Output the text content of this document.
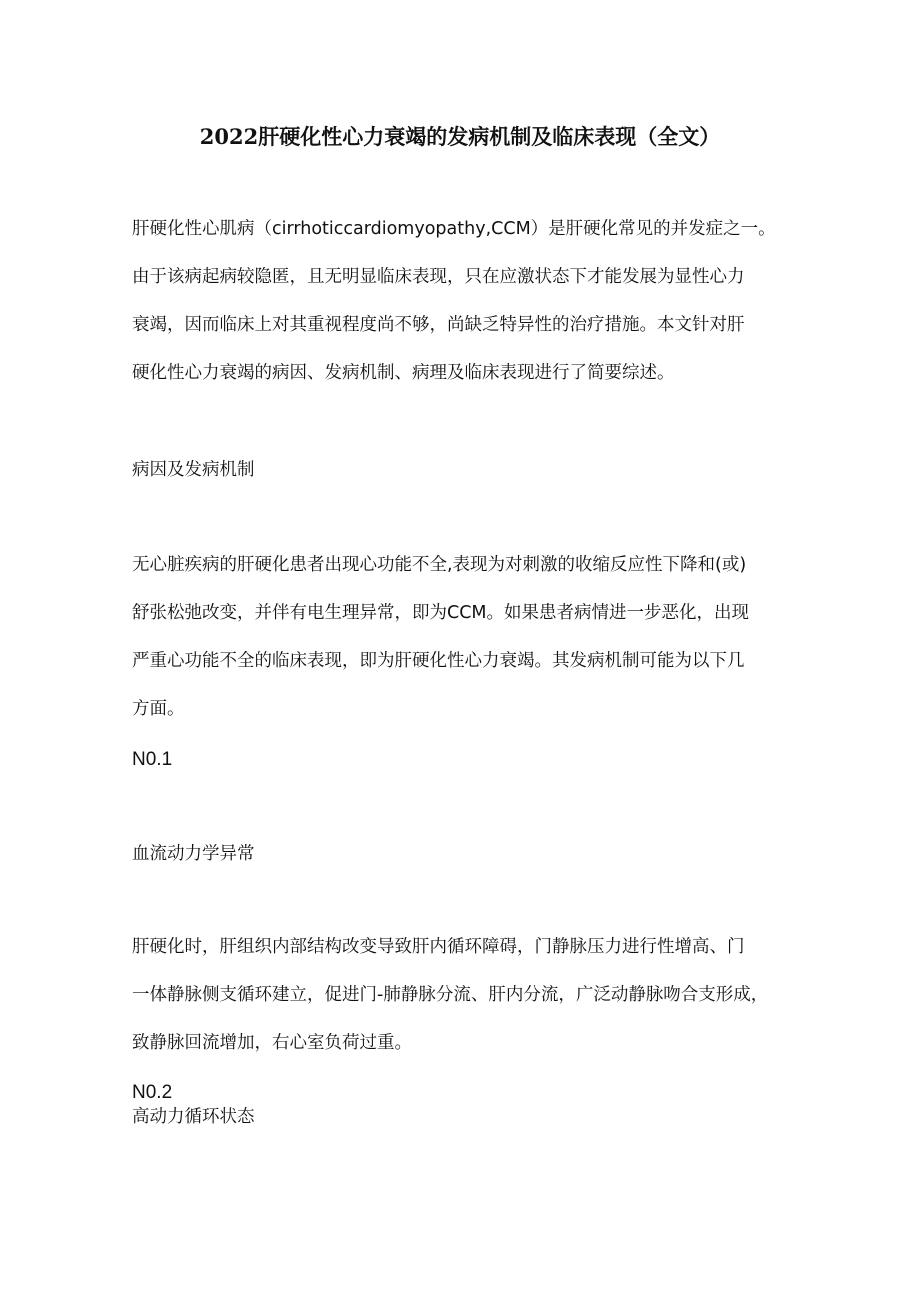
2022肝硬化性心力衰竭的发病机制及临床表现（全文）
肝硬化性心肌病（cirrhoticcardiomyopathy,CCM）是肝硬化常见的并发症之一。
由于该病起病较隐匿，且无明显临床表现，只在应激状态下才能发展为显性心力
衰竭，因而临床上对其重视程度尚不够，尚缺乏特异性的治疗措施。本文针对肝
硬化性心力衰竭的病因、发病机制、病理及临床表现进行了简要综述。
病因及发病机制
无心脏疾病的肝硬化患者出现心功能不全,表现为对刺激的收缩反应性下降和(或)
舒张松弛改变，并伴有电生理异常，即为CCM。如果患者病情进一步恶化，出现
严重心功能不全的临床表现，即为肝硬化性心力衰竭。其发病机制可能为以下几
方面。
N0.1
血流动力学异常
肝硬化时，肝组织内部结构改变导致肝内循环障碍，门静脉压力进行性增高、门
一体静脉侧支循环建立，促进门-肺静脉分流、肝内分流，广泛动静脉吻合支形成，
致静脉回流增加，右心室负荷过重。
N0.2
高动力循环状态
